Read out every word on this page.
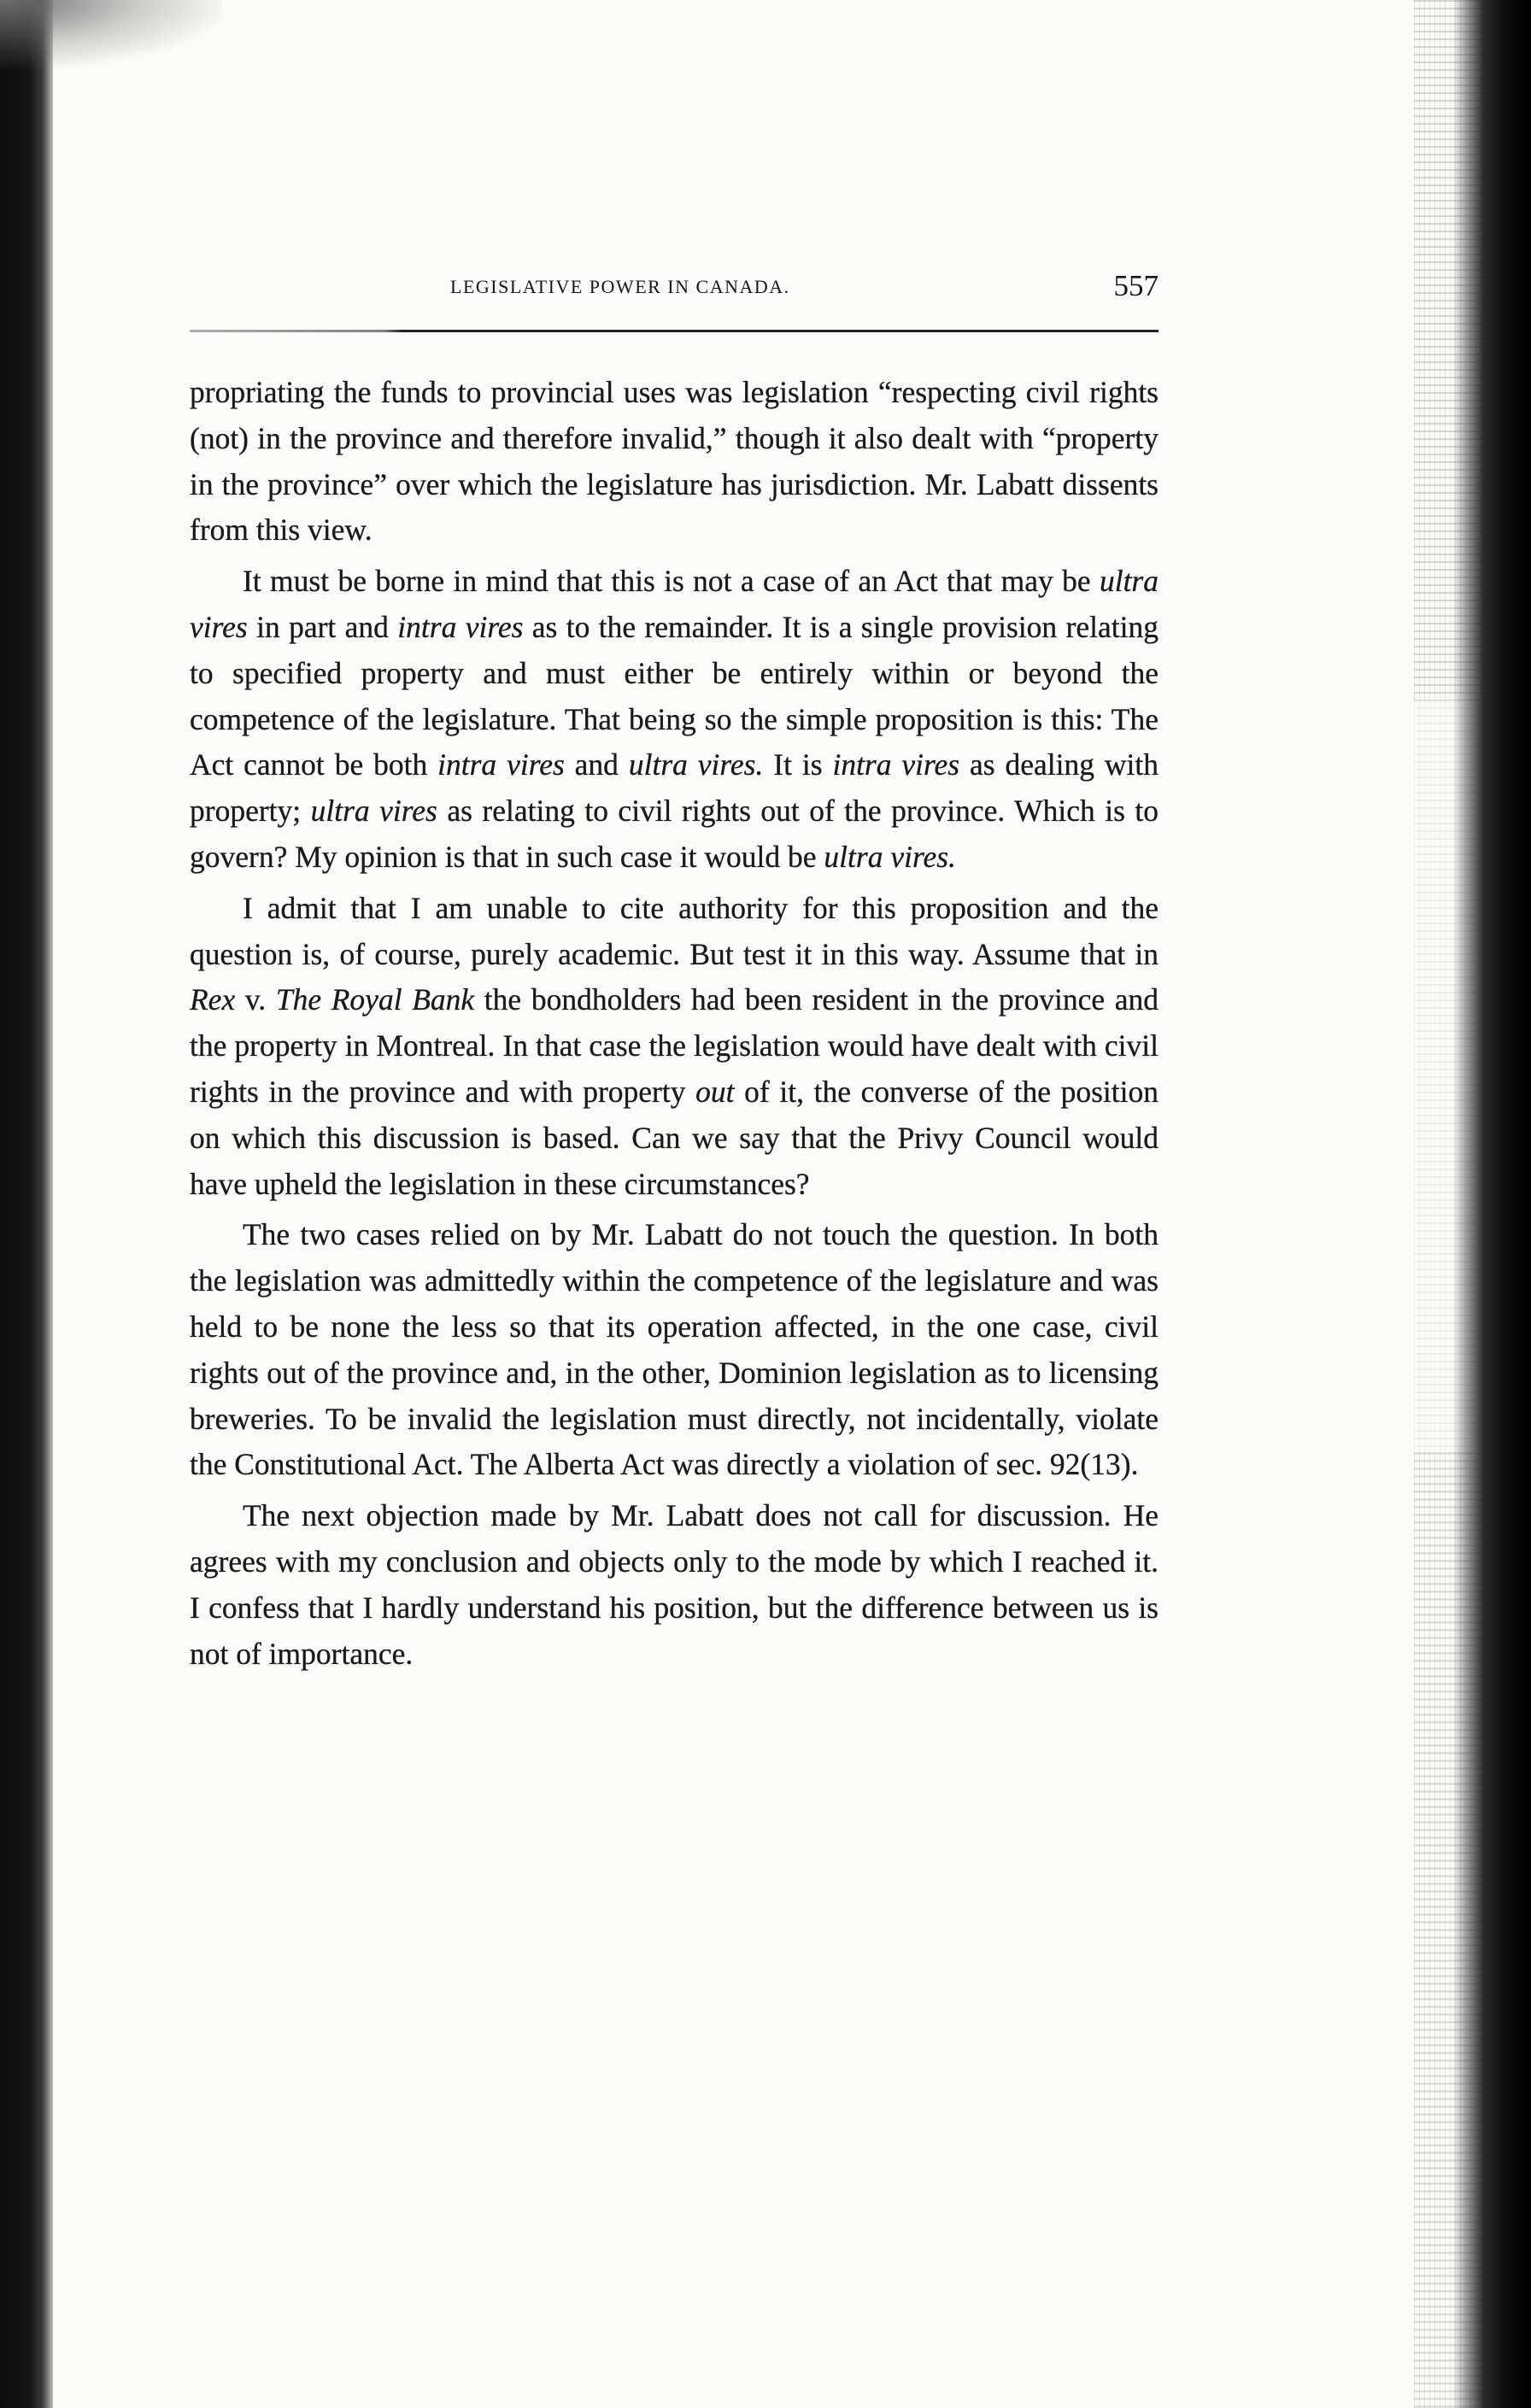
LEGISLATIVE POWER IN CANADA.	557

propriating the funds to provincial uses was legislation “respecting civil rights (not) in the province and therefore invalid,” though it also dealt with “property in the province” over which the legislature has jurisdiction. Mr. Labatt dissents from this view.

It must be borne in mind that this is not a case of an Act that may be ultra vires in part and intra vires as to the remainder. It is a single provision relating to specified property and must either be entirely within or beyond the competence of the legislature. That being so the simple proposition is this: The Act cannot be both intra vires and ultra vires. It is intra vires as dealing with property; ultra vires as relating to civil rights out of the province. Which is to govern? My opinion is that in such case it would be ultra vires.

I admit that I am unable to cite authority for this proposition and the question is, of course, purely academic. But test it in this way. Assume that in Rex v. The Royal Bank the bondholders had been resident in the province and the property in Montreal. In that case the legislation would have dealt with civil rights in the province and with property out of it, the converse of the position on which this discussion is based. Can we say that the Privy Council would have upheld the legislation in these circumstances?

The two cases relied on by Mr. Labatt do not touch the question. In both the legislation was admittedly within the competence of the legislature and was held to be none the less so that its operation affected, in the one case, civil rights out of the province and, in the other, Dominion legislation as to licensing breweries. To be invalid the legislation must directly, not incidentally, violate the Constitutional Act. The Alberta Act was directly a violation of sec. 92(13).

The next objection made by Mr. Labatt does not call for discussion. He agrees with my conclusion and objects only to the mode by which I reached it. I confess that I hardly understand his position, but the difference between us is not of importance.
